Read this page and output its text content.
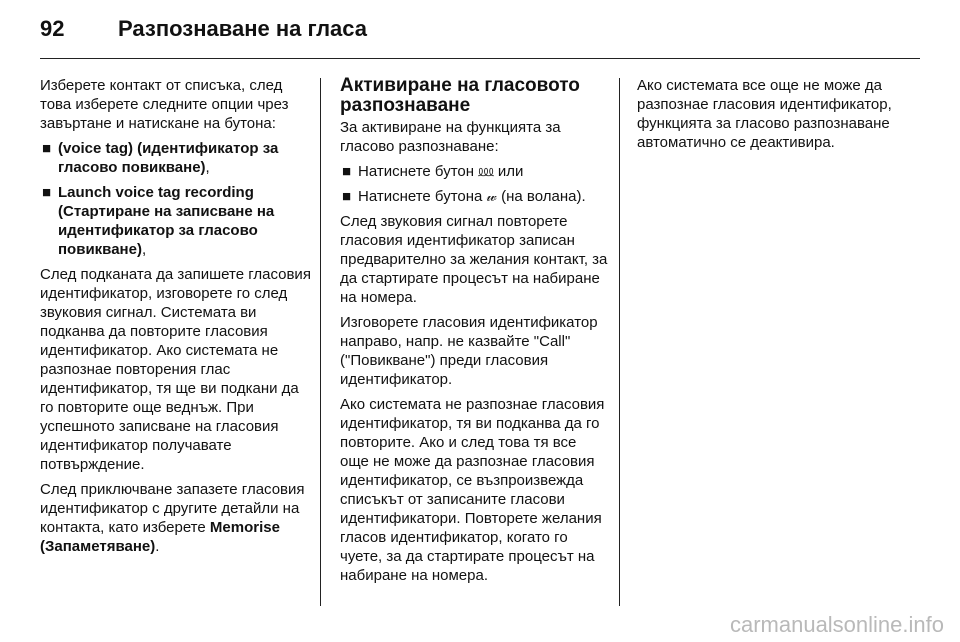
92 Разпознаване на гласа

Изберете контакт от списъка, след това изберете следните опции чрез завъртане и натискане на бутона:

■ (voice tag) (идентификатор за гласово повикване),
■ Launch voice tag recording (Стартиране на записване на идентификатор за гласово повикване),

След подканата да запишете гласовия идентификатор, изговорете го след звуковия сигнал. Системата ви подканва да повторите гласовия идентификатор. Ако системата не разпознае повторения глас идентификатор, тя ще ви подкани да го повторите още веднъж. При успешното записване на гласовия идентификатор получавате потвърждение.

След приключване запазете гласовия идентификатор с другите детайли на контакта, като изберете Memorise (Запаметяване).

Активиране на гласовото разпознаване

За активиране на функцията за гласово разпознаване:

■ Натиснете бутон ⅏ или
■ Натиснете бутона 𝓌 (на волана).

След звуковия сигнал повторете гласовия идентификатор записан предварително за желания контакт, за да стартирате процесът на набиране на номера.

Изговорете гласовия идентификатор направо, напр. не казвайте "Call" ("Повикване") преди гласовия идентификатор.

Ако системата не разпознае гласовия идентификатор, тя ви подканва да го повторите. Ако и след това тя все още не може да разпознае гласовия идентификатор, се възпроизвежда списъкът от записаните гласови идентификатори. Повторете желания гласов идентификатор, когато го чуете, за да стартирате процесът на набиране на номера.

Ако системата все още не може да разпознае гласовия идентификатор, функцията за гласово разпознаване автоматично се деактивира.

carmanualsonline.info
